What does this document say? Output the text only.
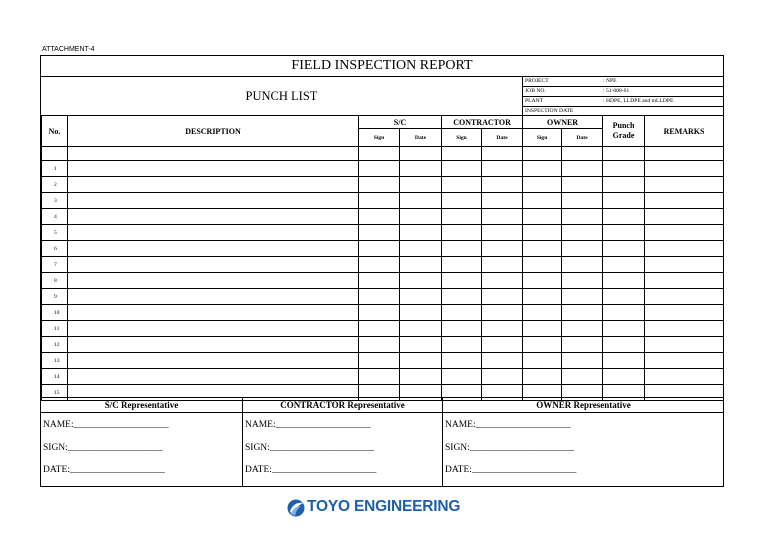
ATTACHMENT-4
FIELD INSPECTION REPORT
PUNCH LIST
PROJECT	: NPE
JOB NO.	: 51-008-01
PLANT	: HDPE, LLDPE and mLLDPE
INSPECTION DATE
No.	DESCRIPTION	S/C		CONTRACTOR		OWNER		Punch Grade	REMARKS
		Sign	Date	Sign	Date	Sign	Date		

1									
2									
3									
4									
5									
6									
7									
8									
9									
10									
11									
12									
13									
14									
15									
S/C Representative
NAME:____________________
SIGN:____________________
DATE:____________________
CONTRACTOR Representative
NAME:____________________
SIGN:______________________
DATE:______________________
OWNER Representative
NAME:____________________
SIGN:______________________
DATE:______________________
TOYO ENGINEERING
